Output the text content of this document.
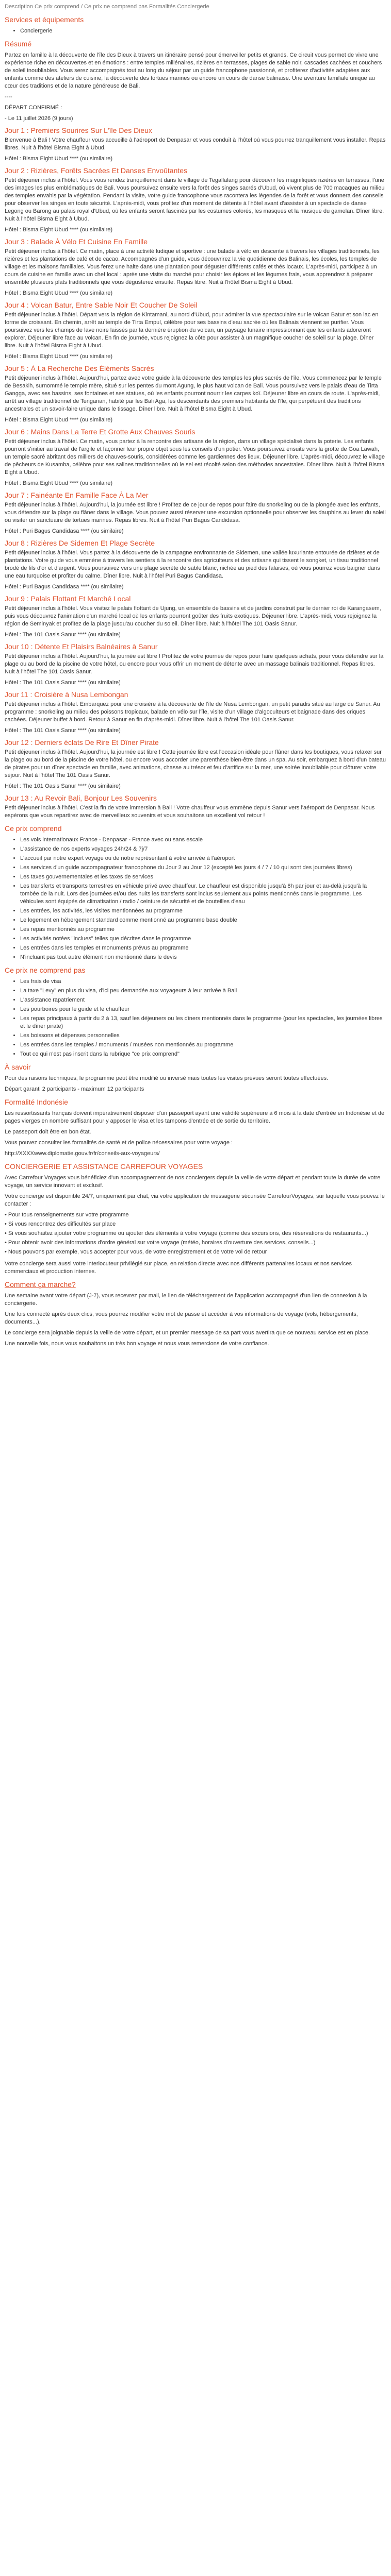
Description Ce prix comprend / Ce prix ne comprend pas Formalités Conciergerie
Services et équipements
• Conciergerie
Résumé

Partez en famille à la découverte de l'île des Dieux à travers un itinéraire pensé pour émerveiller petits et grands. Ce circuit vous permet de vivre une expérience riche en découvertes et en émotions : entre temples millénaires, rizières en terrasses, plages de sable noir, cascades cachées et couchers de soleil inoubliables. Vous serez accompagnés tout au long du séjour par un guide francophone passionné, et profiterez d'activités adaptées aux enfants comme des ateliers de cuisine, la découverte des tortues marines ou encore un cours de danse balinaise. Une aventure familiale unique au cœur des traditions et de la nature généreuse de Bali.

----

DÉPART CONFIRMÉ :

- Le 11 juillet 2026 (9 jours)

Jour 1 : Premiers Sourires Sur L'île Des Dieux

Bienvenue à Bali ! Votre chauffeur vous accueille à l'aéroport de Denpasar et vous conduit à l'hôtel où vous pourrez tranquillement vous installer. Repas libres. Nuit à l'hôtel Bisma Eight à Ubud.

Hôtel : Bisma Eight Ubud **** (ou similaire)

Jour 2 : Rizières, Forêts Sacrées Et Danses Envoûtantes

Petit déjeuner inclus à l'hôtel. Vous vous rendez tranquillement dans le village de Tegallalang pour découvrir les magnifiques rizières en terrasses, l'une des images les plus emblématiques de Bali. Vous poursuivez ensuite vers la forêt des singes sacrés d'Ubud, où vivent plus de 700 macaques au milieu des temples envahis par la végétation. Pendant la visite, votre guide francophone vous racontera les légendes de la forêt et vous donnera des conseils pour observer les singes en toute sécurité. L'après-midi, vous profitez d'un moment de détente à l'hôtel avant d'assister à un spectacle de danse Legong ou Barong au palais royal d'Ubud, où les enfants seront fascinés par les costumes colorés, les masques et la musique du gamelan. Dîner libre. Nuit à l'hôtel Bisma Eight à Ubud.

Hôtel : Bisma Eight Ubud **** (ou similaire)

Jour 3 : Balade À Vélo Et Cuisine En Famille

Petit déjeuner inclus à l'hôtel. Ce matin, place à une activité ludique et sportive : une balade à vélo en descente à travers les villages traditionnels, les rizières et les plantations de café et de cacao. Accompagnés d'un guide, vous découvrirez la vie quotidienne des Balinais, les écoles, les temples de village et les maisons familiales. Vous ferez une halte dans une plantation pour déguster différents cafés et thés locaux. L'après-midi, participez à un cours de cuisine en famille avec un chef local : après une visite du marché pour choisir les épices et les légumes frais, vous apprendrez à préparer ensemble plusieurs plats traditionnels que vous dégusterez ensuite. Repas libre. Nuit à l'hôtel Bisma Eight à Ubud.

Hôtel : Bisma Eight Ubud **** (ou similaire)

Jour 4 : Volcan Batur, Entre Sable Noir Et Coucher De Soleil

Petit déjeuner inclus à l'hôtel. Départ vers la région de Kintamani, au nord d'Ubud, pour admirer la vue spectaculaire sur le volcan Batur et son lac en forme de croissant. En chemin, arrêt au temple de Tirta Empul, célèbre pour ses bassins d'eau sacrée où les Balinais viennent se purifier. Vous poursuivez vers les champs de lave noire laissés par la dernière éruption du volcan, un paysage lunaire impressionnant que les enfants adoreront explorer. Déjeuner libre face au volcan. En fin de journée, vous rejoignez la côte pour assister à un magnifique coucher de soleil sur la plage. Dîner libre. Nuit à l'hôtel Bisma Eight à Ubud.

Hôtel : Bisma Eight Ubud **** (ou similaire)

Jour 5 : À La Recherche Des Éléments Sacrés

Petit déjeuner inclus à l'hôtel. Aujourd'hui, partez avec votre guide à la découverte des temples les plus sacrés de l'île. Vous commencez par le temple de Besakih, surnommé le temple mère, situé sur les pentes du mont Agung, le plus haut volcan de Bali. Vous poursuivez vers le palais d'eau de Tirta Gangga, avec ses bassins, ses fontaines et ses statues, où les enfants pourront nourrir les carpes koï. Déjeuner libre en cours de route. L'après-midi, arrêt au village traditionnel de Tenganan, habité par les Bali Aga, les descendants des premiers habitants de l'île, qui perpétuent des traditions ancestrales et un savoir-faire unique dans le tissage. Dîner libre. Nuit à l'hôtel Bisma Eight à Ubud.

Hôtel : Bisma Eight Ubud **** (ou similaire)

Jour 6 : Mains Dans La Terre Et Grotte Aux Chauves Souris

Petit déjeuner inclus à l'hôtel. Ce matin, vous partez à la rencontre des artisans de la région, dans un village spécialisé dans la poterie. Les enfants pourront s'initier au travail de l'argile et façonner leur propre objet sous les conseils d'un potier. Vous poursuivez ensuite vers la grotte de Goa Lawah, un temple sacré abritant des milliers de chauves-souris, considérées comme les gardiennes des lieux. Déjeuner libre. L'après-midi, découvrez le village de pêcheurs de Kusamba, célèbre pour ses salines traditionnelles où le sel est récolté selon des méthodes ancestrales. Dîner libre. Nuit à l'hôtel Bisma Eight à Ubud.

Hôtel : Bisma Eight Ubud **** (ou similaire)

Jour 7 : Fainéante En Famille Face À La Mer

Petit déjeuner inclus à l'hôtel. Aujourd'hui, la journée est libre ! Profitez de ce jour de repos pour faire du snorkeling ou de la plongée avec les enfants, vous détendre sur la plage ou flâner dans le village. Vous pouvez aussi réserver une excursion optionnelle pour observer les dauphins au lever du soleil ou visiter un sanctuaire de tortues marines. Repas libres. Nuit à l'hôtel Puri Bagus Candidasa.

Hôtel : Puri Bagus Candidasa **** (ou similaire)

Jour 8 : Rizières De Sidemen Et Plage Secrète

Petit déjeuner inclus à l'hôtel. Vous partez à la découverte de la campagne environnante de Sidemen, une vallée luxuriante entourée de rizières et de plantations. Votre guide vous emmène à travers les sentiers à la rencontre des agriculteurs et des artisans qui tissent le songket, un tissu traditionnel brodé de fils d'or et d'argent. Vous poursuivez vers une plage secrète de sable blanc, nichée au pied des falaises, où vous pourrez vous baigner dans une eau turquoise et profiter du calme. Dîner libre. Nuit à l'hôtel Puri Bagus Candidasa.

Hôtel : Puri Bagus Candidasa **** (ou similaire)

Jour 9 : Palais Flottant Et Marché Local

Petit déjeuner inclus à l'hôtel. Vous visitez le palais flottant de Ujung, un ensemble de bassins et de jardins construit par le dernier roi de Karangasem, puis vous découvrez l'animation d'un marché local où les enfants pourront goûter des fruits exotiques. Déjeuner libre. L'après-midi, vous rejoignez la région de Seminyak et profitez de la plage jusqu'au coucher du soleil. Dîner libre. Nuit à l'hôtel The 101 Oasis Sanur.

Hôtel : The 101 Oasis Sanur **** (ou similaire)

Jour 10 : Détente Et Plaisirs Balnéaires à Sanur

Petit déjeuner inclus à l'hôtel. Aujourd'hui, la journée est libre ! Profitez de votre journée de repos pour faire quelques achats, pour vous détendre sur la plage ou au bord de la piscine de votre hôtel, ou encore pour vous offrir un moment de détente avec un massage balinais traditionnel. Repas libres. Nuit à l'hôtel The 101 Oasis Sanur.

Hôtel : The 101 Oasis Sanur **** (ou similaire)

Jour 11 : Croisière à Nusa Lembongan

Petit déjeuner inclus à l'hôtel. Embarquez pour une croisière à la découverte de l'île de Nusa Lembongan, un petit paradis situé au large de Sanur. Au programme : snorkeling au milieu des poissons tropicaux, balade en vélo sur l'île, visite d'un village d'algoculteurs et baignade dans des criques cachées. Déjeuner buffet à bord. Retour à Sanur en fin d'après-midi. Dîner libre. Nuit à l'hôtel The 101 Oasis Sanur.

Hôtel : The 101 Oasis Sanur **** (ou similaire)

Jour 12 : Derniers éclats De Rire Et Dîner Pirate

Petit déjeuner inclus à l'hôtel. Aujourd'hui, la journée est libre ! Cette journée libre est l'occasion idéale pour flâner dans les boutiques, vous relaxer sur la plage ou au bord de la piscine de votre hôtel, ou encore vous accorder une parenthèse bien-être dans un spa. Au soir, embarquez à bord d'un bateau de pirates pour un dîner spectacle en famille, avec animations, chasse au trésor et feu d'artifice sur la mer, une soirée inoubliable pour clôturer votre séjour. Nuit à l'hôtel The 101 Oasis Sanur.

Hôtel : The 101 Oasis Sanur **** (ou similaire)

Jour 13 : Au Revoir Bali, Bonjour Les Souvenirs

Petit déjeuner inclus à l'hôtel. C'est la fin de votre immersion à Bali ! Votre chauffeur vous emmène depuis Sanur vers l'aéroport de Denpasar. Nous espérons que vous repartirez avec de merveilleux souvenirs et vous souhaitons un excellent vol retour !

Ce prix comprend
• Les vols internationaux France - Denpasar - France avec ou sans escale
• L'assistance de nos experts voyages 24h/24 & 7j/7
• L'accueil par notre expert voyage ou de notre représentant à votre arrivée à l'aéroport
• Les services d'un guide accompagnateur francophone du Jour 2 au Jour 12 (excepté les jours 4 / 7 / 10 qui sont des journées libres)
• Les taxes gouvernementales et les taxes de services
• Les transferts et transports terrestres en véhicule privé avec chauffeur. Le chauffeur est disponible jusqu'à 8h par jour et au-delà jusqu'à la tombée de la nuit. Lors des journées et/ou des nuits les transferts sont inclus seulement aux points mentionnés dans le programme. Les véhicules sont équipés de climatisation / radio / ceinture de sécurité et de bouteilles d'eau
• Les entrées, les activités, les visites mentionnées au programme
• Le logement en hébergement standard comme mentionné au programme base double
• Les repas mentionnés au programme
• Les activités notées "inclues" telles que décrites dans le programme
• Les entrées dans les temples et monuments prévus au programme
• N'incluant pas tout autre élément non mentionné dans le devis
Ce prix ne comprend pas
• Les frais de visa
• La taxe "Levy" en plus du visa, d'ici peu demandée aux voyageurs à leur arrivée à Bali
• L'assistance rapatriement
• Les pourboires pour le guide et le chauffeur
• Les repas principaux à partir du 2 à 13, sauf les déjeuners ou les dîners mentionnés dans le programme (pour les spectacles, les journées libres et le dîner pirate)
• Les boissons et dépenses personnelles
• Les entrées dans les temples / monuments / musées non mentionnés au programme
• Tout ce qui n'est pas inscrit dans la rubrique "ce prix comprend"
À savoir

Pour des raisons techniques, le programme peut être modifié ou inversé mais toutes les visites prévues seront toutes effectuées.

Départ garanti 2 participants - maximum 12 participants

Formalité Indonésie

Les ressortissants français doivent impérativement disposer d'un passeport ayant une validité supérieure à 6 mois à la date d'entrée en Indonésie et de pages vierges en nombre suffisant pour y apposer le visa et les tampons d'entrée et de sortie du territoire.

Le passeport doit être en bon état.

Vous pouvez consulter les formalités de santé et de police nécessaires pour votre voyage :

http://XXXXwww.diplomatie.gouv.fr/fr/conseils-aux-voyageurs/

CONCIERGERIE ET ASSISTANCE CARREFOUR VOYAGES

Avec Carrefour Voyages vous bénéficiez d'un accompagnement de nos conciergers depuis la veille de votre départ et pendant toute la durée de votre voyage, un service innovant et exclusif.

Votre concierge est disponible 24/7, uniquement par chat, via votre application de messagerie sécurisée CarrefourVoyages, sur laquelle vous pouvez le contacter :

• Pour tous renseignements sur votre programme
• Si vous rencontrez des difficultés sur place
• Si vous souhaitez ajouter votre programme ou ajouter des éléments à votre voyage (comme des excursions, des réservations de restaurants...)
• Pour obtenir avoir des informations d'ordre général sur votre voyage (météo, horaires d'ouverture des services, conseils...)
• Nous pouvons par exemple, vous accepter pour vous, de votre enregistrement et de votre vol de retour

Votre concierge sera aussi votre interlocuteur privilégié sur place, en relation directe avec nos différents partenaires locaux et nos services commerciaux et production internes.

Comment ça marche?

Une semaine avant votre départ (J-7), vous recevrez par mail, le lien de téléchargement de l'application accompagné d'un lien de connexion à la conciergerie.

Une fois connecté après deux clics, vous pourrez modifier votre mot de passe et accéder à vos informations de voyage (vols, hébergements, documents...).

Le concierge sera joignable depuis la veille de votre départ, et un premier message de sa part vous avertira que ce nouveau service est en place.

Une nouvelle fois, nous vous souhaitons un très bon voyage et nous vous remercions de votre confiance.
